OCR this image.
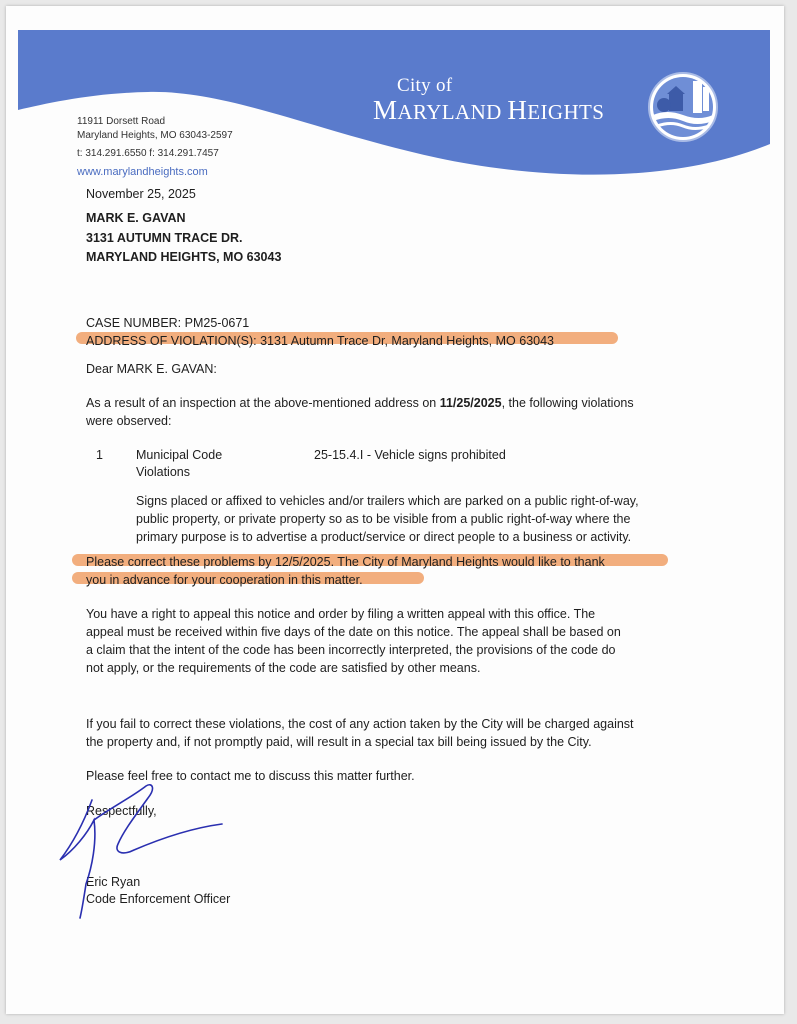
City of
MARYLAND HEIGHTS
11911 Dorsett Road
Maryland Heights, MO 63043-2597
t: 314.291.6550 f: 314.291.7457
www.marylandheights.com
November 25, 2025
MARK E. GAVAN
3131 AUTUMN TRACE DR.
MARYLAND HEIGHTS, MO 63043
CASE NUMBER: PM25-0671
ADDRESS OF VIOLATION(S): 3131 Autumn Trace Dr, Maryland Heights, MO 63043
Dear MARK E. GAVAN:
As a result of an inspection at the above-mentioned address on 11/25/2025, the following violations
were observed:
1	Municipal Code
Violations
25-15.4.I - Vehicle signs prohibited
Signs placed or affixed to vehicles and/or trailers which are parked on a public right-of-way,
public property, or private property so as to be visible from a public right-of-way where the
primary purpose is to advertise a product/service or direct people to a business or activity.
Please correct these problems by 12/5/2025. The City of Maryland Heights would like to thank
you in advance for your cooperation in this matter.
You have a right to appeal this notice and order by filing a written appeal with this office. The
appeal must be received within five days of the date on this notice. The appeal shall be based on
a claim that the intent of the code has been incorrectly interpreted, the provisions of the code do
not apply, or the requirements of the code are satisfied by other means.
If you fail to correct these violations, the cost of any action taken by the City will be charged against
the property and, if not promptly paid, will result in a special tax bill being issued by the City.
Please feel free to contact me to discuss this matter further.
Respectfully,
Eric Ryan
Code Enforcement Officer
